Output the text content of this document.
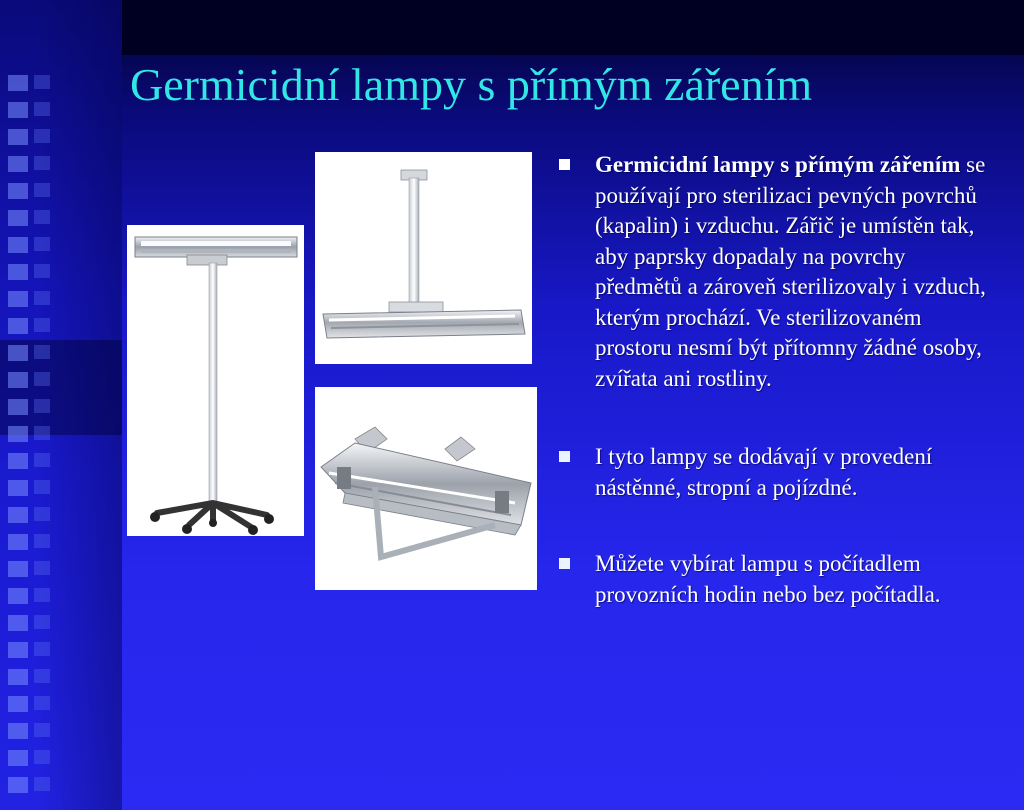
Germicidní lampy s přímým zářením
Germicidní lampy s přímým zářením se používají pro sterilizaci pevných povrchů (kapalin) i vzduchu. Zářič je umístěn tak, aby paprsky dopadaly na povrchy předmětů a zároveň sterilizovaly i vzduch, kterým prochází. Ve sterilizovaném prostoru nesmí být přítomny žádné osoby, zvířata ani rostliny.
I tyto lampy se dodávají v provedení nástěnné, stropní a pojízdné.
Můžete vybírat lampu s počítadlem provozních hodin nebo bez počítadla.
